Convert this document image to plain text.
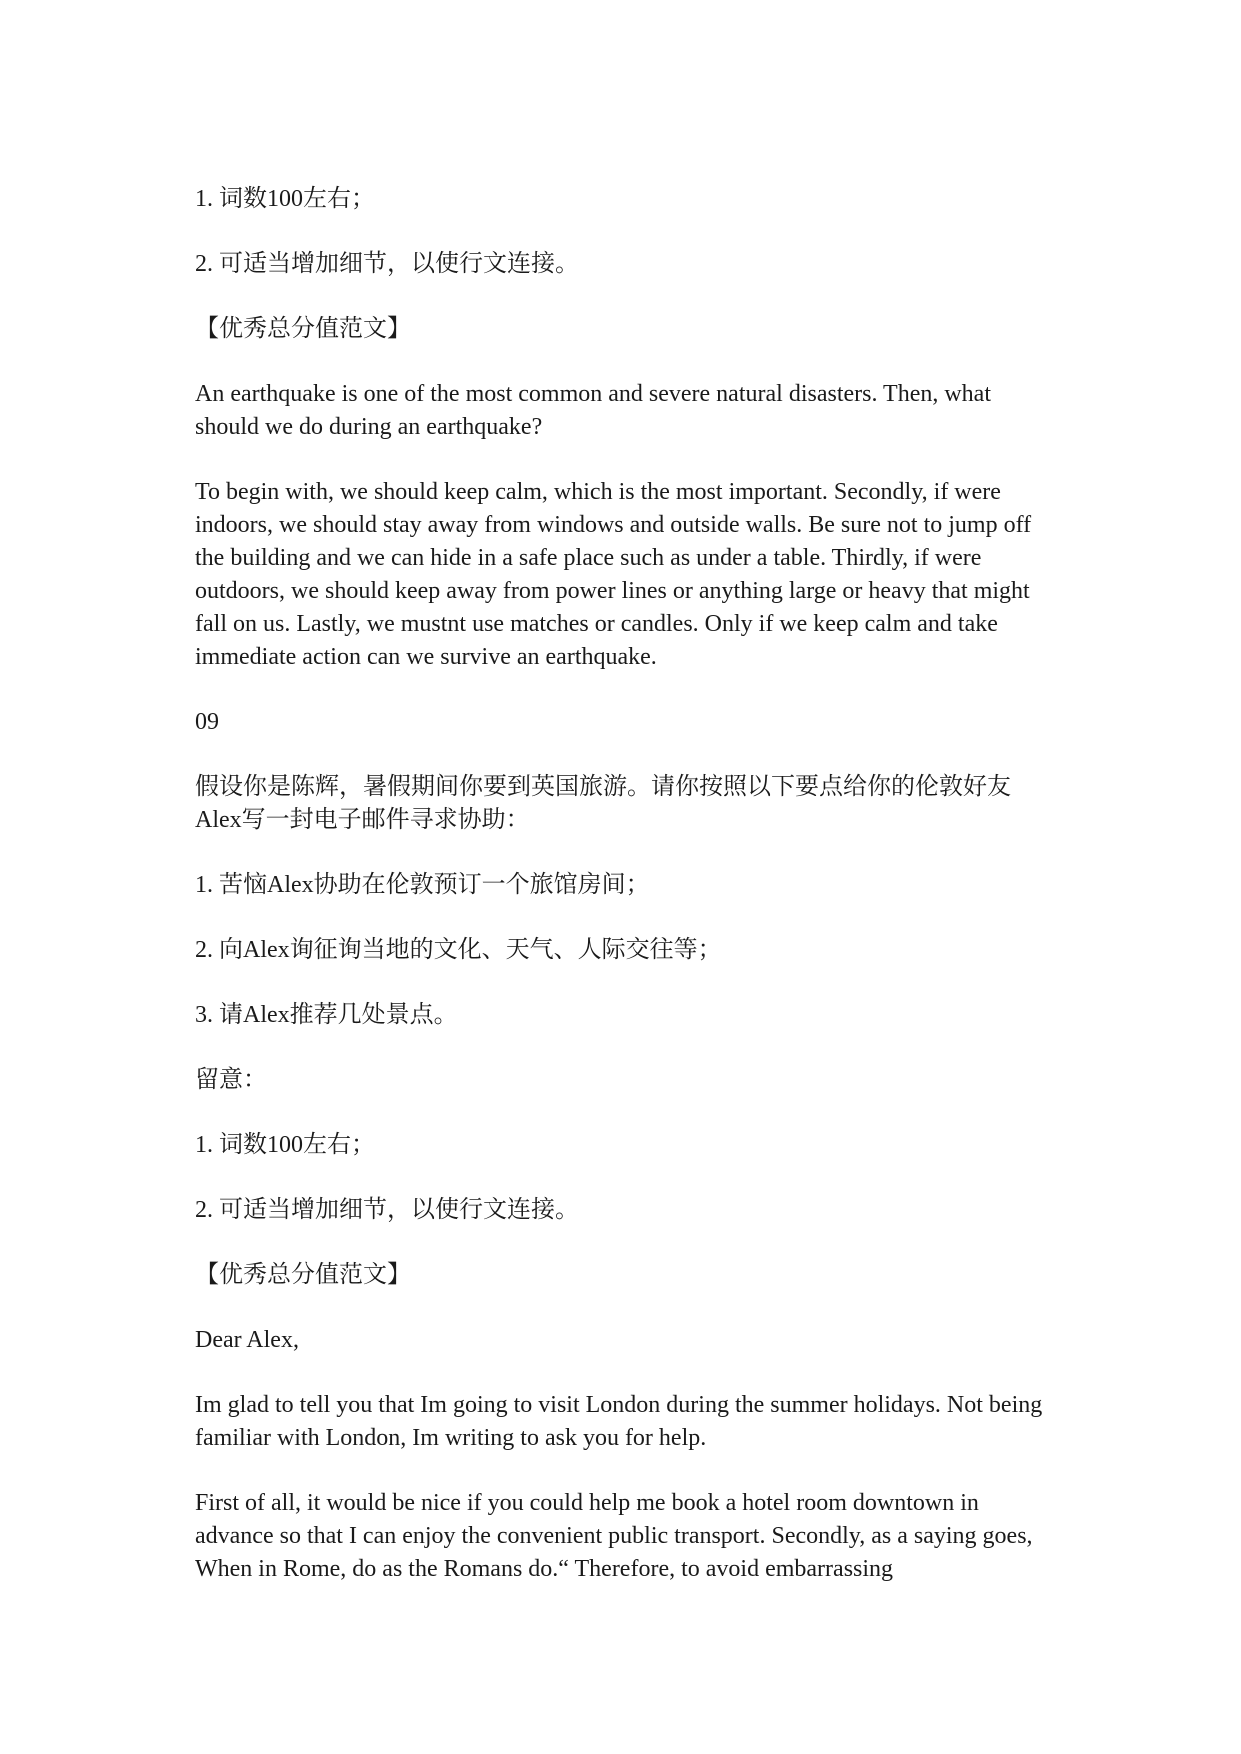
1. 词数100左右；

2. 可适当增加细节，以使行文连接。

【优秀总分值范文】

An earthquake is one of the most common and severe natural disasters. Then, what should we do during an earthquake?

To begin with, we should keep calm, which is the most important. Secondly, if were indoors, we should stay away from windows and outside walls. Be sure not to jump off the building and we can hide in a safe place such as under a table. Thirdly, if were outdoors, we should keep away from power lines or anything large or heavy that might fall on us. Lastly, we mustnt use matches or candles. Only if we keep calm and take immediate action can we survive an earthquake.

09

假设你是陈辉，暑假期间你要到英国旅游。请你按照以下要点给你的伦敦好友Alex写一封电子邮件寻求协助：

1. 苦恼Alex协助在伦敦预订一个旅馆房间；

2. 向Alex询征询当地的文化、天气、人际交往等；

3. 请Alex推荐几处景点。

留意：

1. 词数100左右；

2. 可适当增加细节，以使行文连接。

【优秀总分值范文】

Dear Alex,

Im glad to tell you that Im going to visit London during the summer holidays. Not being familiar with London, Im writing to ask you for help.

First of all, it would be nice if you could help me book a hotel room downtown in advance so that I can enjoy the convenient public transport. Secondly, as a saying goes, When in Rome, do as the Romans do.“ Therefore, to avoid embarrassing
